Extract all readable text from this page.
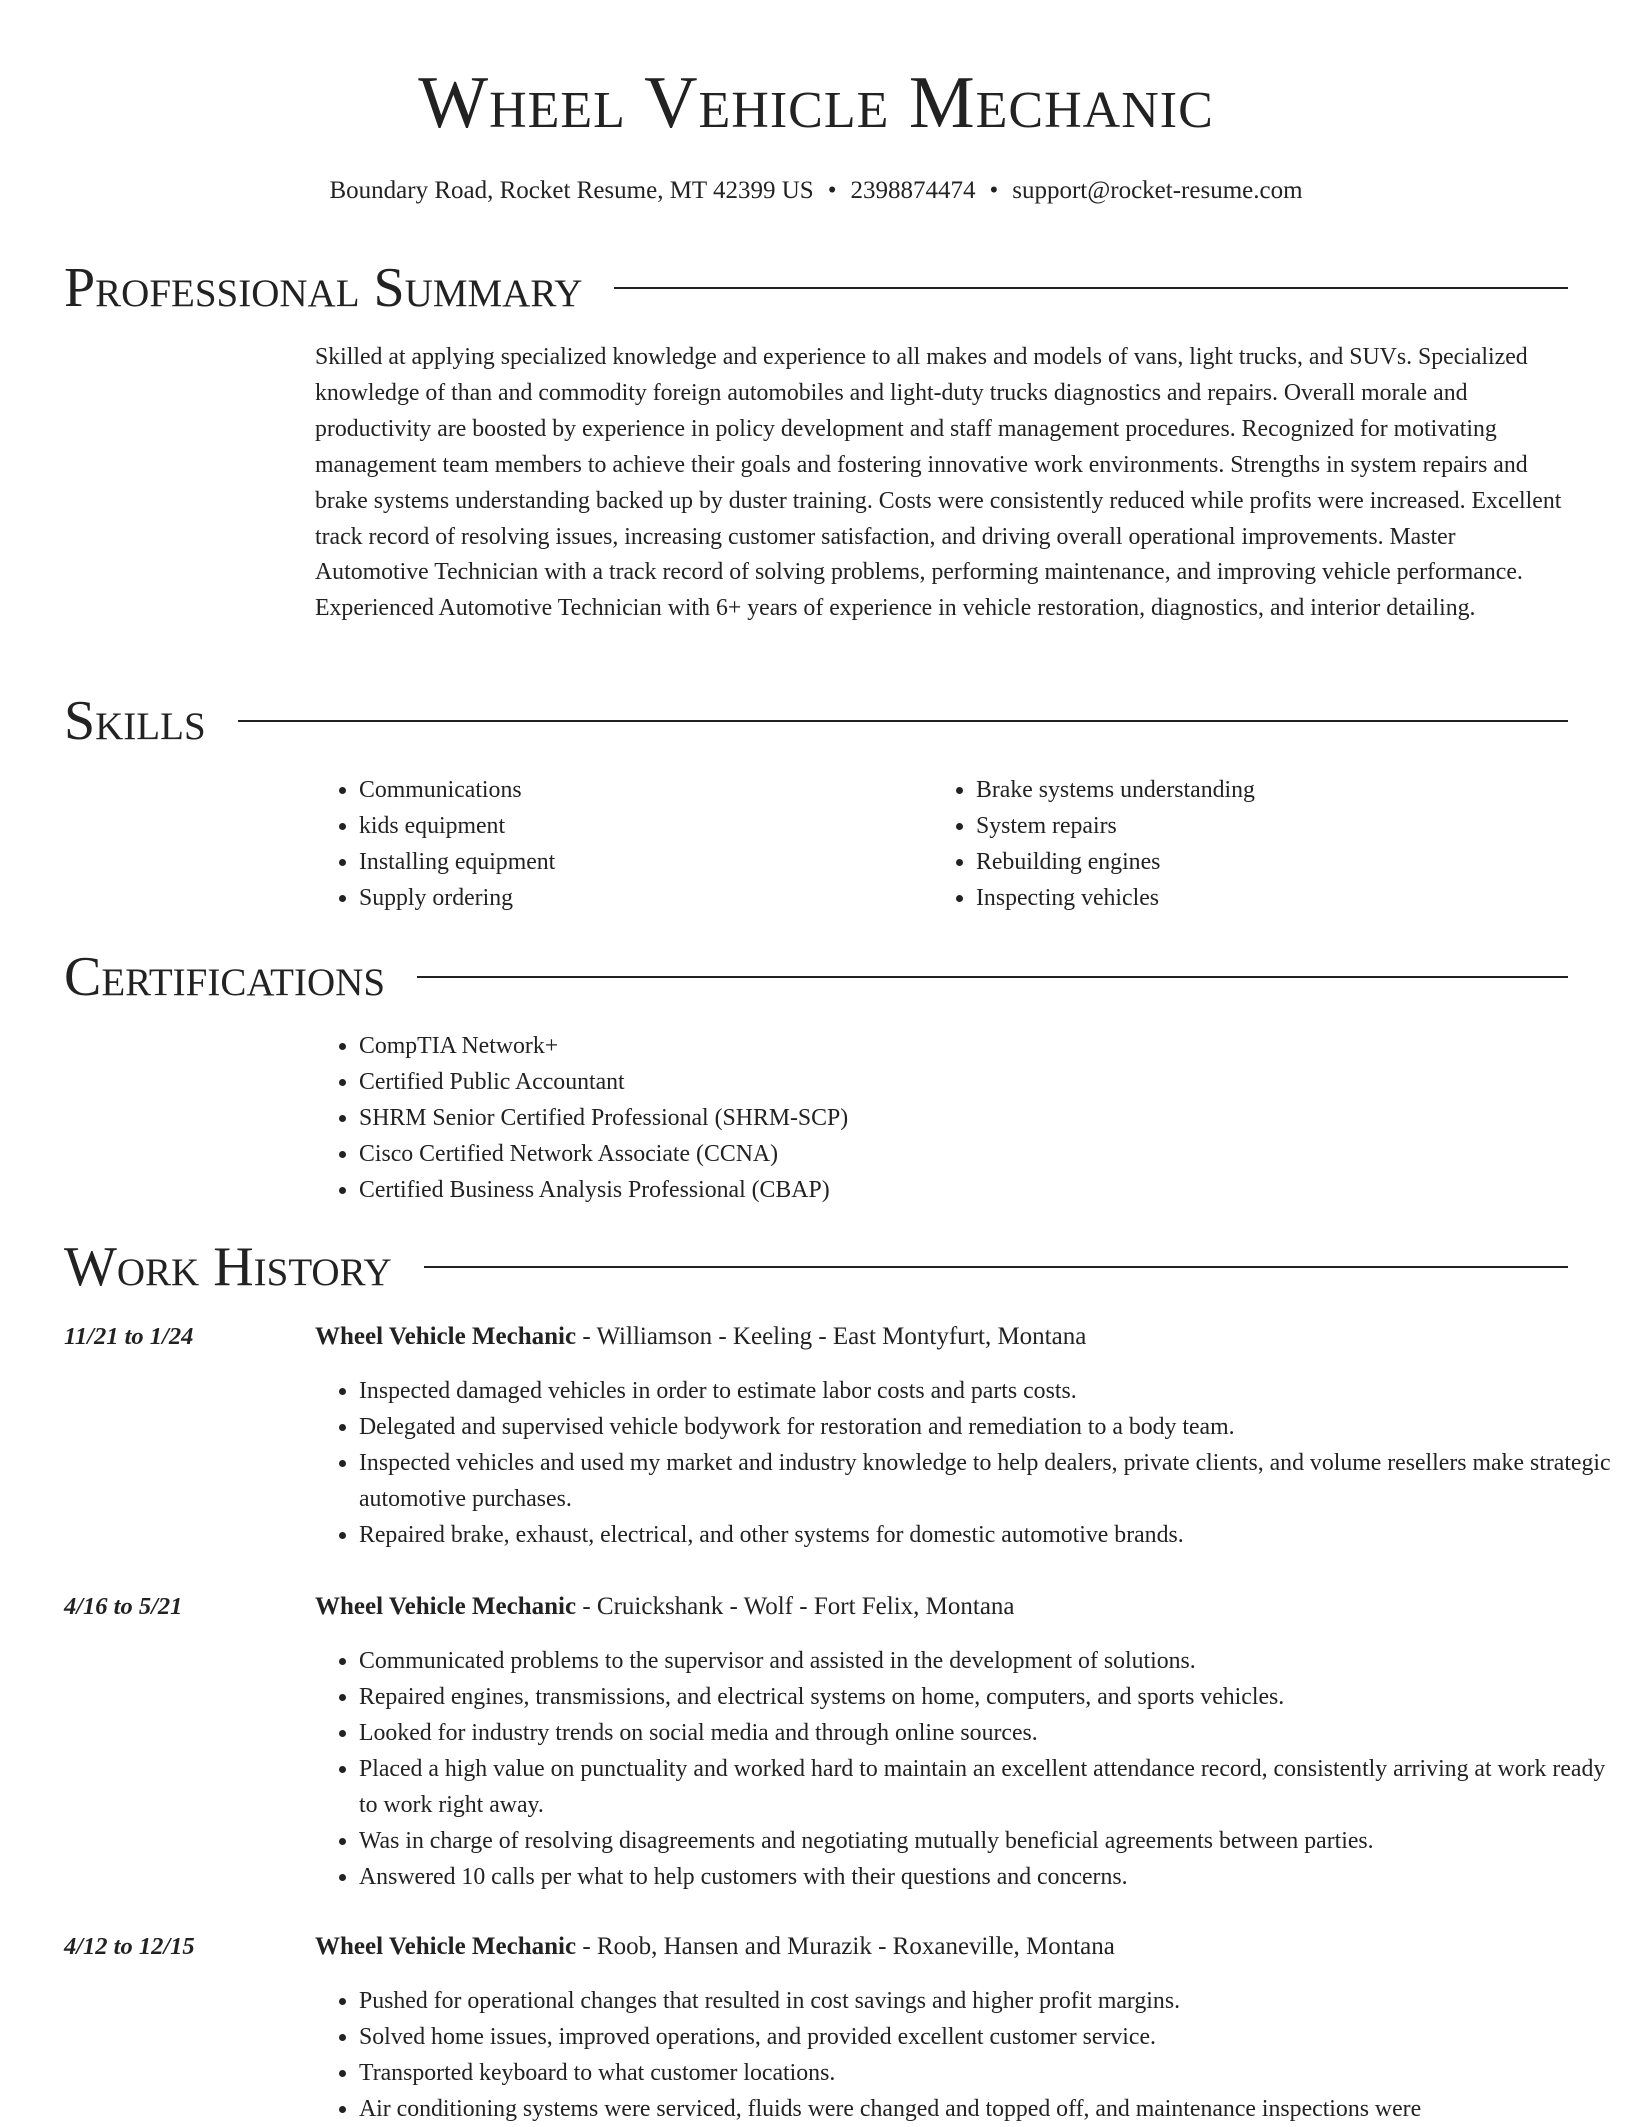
Wheel Vehicle Mechanic
Boundary Road, Rocket Resume, MT 42399 US • 2398874474 • support@rocket-resume.com
Professional Summary

Skilled at applying specialized knowledge and experience to all makes and models of vans, light trucks, and SUVs. Specialized knowledge of than and commodity foreign automobiles and light-duty trucks diagnostics and repairs. Overall morale and productivity are boosted by experience in policy development and staff management procedures. Recognized for motivating management team members to achieve their goals and fostering innovative work environments. Strengths in system repairs and brake systems understanding backed up by duster training. Costs were consistently reduced while profits were increased. Excellent track record of resolving issues, increasing customer satisfaction, and driving overall operational improvements. Master Automotive Technician with a track record of solving problems, performing maintenance, and improving vehicle performance. Experienced Automotive Technician with 6+ years of experience in vehicle restoration, diagnostics, and interior detailing.

Skills
• Communications
• kids equipment
• Installing equipment
• Supply ordering
• Brake systems understanding
• System repairs
• Rebuilding engines
• Inspecting vehicles
Certifications
• CompTIA Network+
• Certified Public Accountant
• SHRM Senior Certified Professional (SHRM-SCP)
• Cisco Certified Network Associate (CCNA)
• Certified Business Analysis Professional (CBAP)
Work History
11/21 to 1/24	Wheel Vehicle Mechanic - Williamson - Keeling - East Montyfurt, Montana
• Inspected damaged vehicles in order to estimate labor costs and parts costs.
• Delegated and supervised vehicle bodywork for restoration and remediation to a body team.
• Inspected vehicles and used my market and industry knowledge to help dealers, private clients, and volume resellers make strategic automotive purchases.
• Repaired brake, exhaust, electrical, and other systems for domestic automotive brands.
4/16 to 5/21	Wheel Vehicle Mechanic - Cruickshank - Wolf - Fort Felix, Montana
• Communicated problems to the supervisor and assisted in the development of solutions.
• Repaired engines, transmissions, and electrical systems on home, computers, and sports vehicles.
• Looked for industry trends on social media and through online sources.
• Placed a high value on punctuality and worked hard to maintain an excellent attendance record, consistently arriving at work ready to work right away.
• Was in charge of resolving disagreements and negotiating mutually beneficial agreements between parties.
• Answered 10 calls per what to help customers with their questions and concerns.
4/12 to 12/15	Wheel Vehicle Mechanic - Roob, Hansen and Murazik - Roxaneville, Montana
• Pushed for operational changes that resulted in cost savings and higher profit margins.
• Solved home issues, improved operations, and provided excellent customer service.
• Transported keyboard to what customer locations.
• Air conditioning systems were serviced, fluids were changed and topped off, and maintenance inspections were
